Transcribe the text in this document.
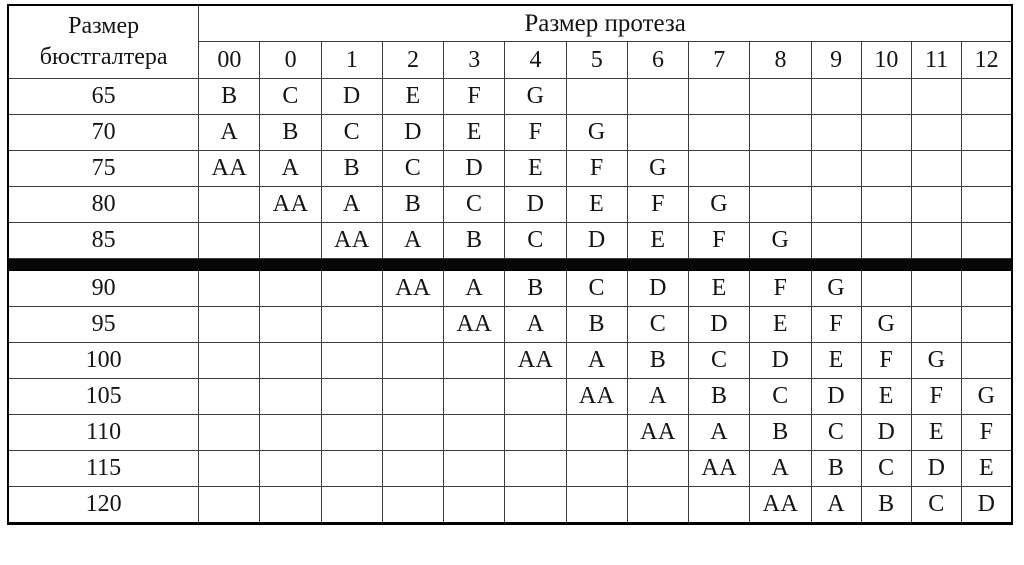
Размер
бюстгалтера	Размер протеза													
	00	0	1	2	3	4	5	6	7	8	9	10	11	12
65	B	C	D	E	F	G								
70	A	B	C	D	E	F	G							
75	AA	A	B	C	D	E	F	G						
80		AA	A	B	C	D	E	F	G					
85			AA	A	B	C	D	E	F	G				

90				AA	A	B	C	D	E	F	G			
95					AA	A	B	C	D	E	F	G		
100						AA	A	B	C	D	E	F	G	
105							AA	A	B	C	D	E	F	G
110								AA	A	B	C	D	E	F
115									AA	A	B	C	D	E
120										AA	A	B	C	D
